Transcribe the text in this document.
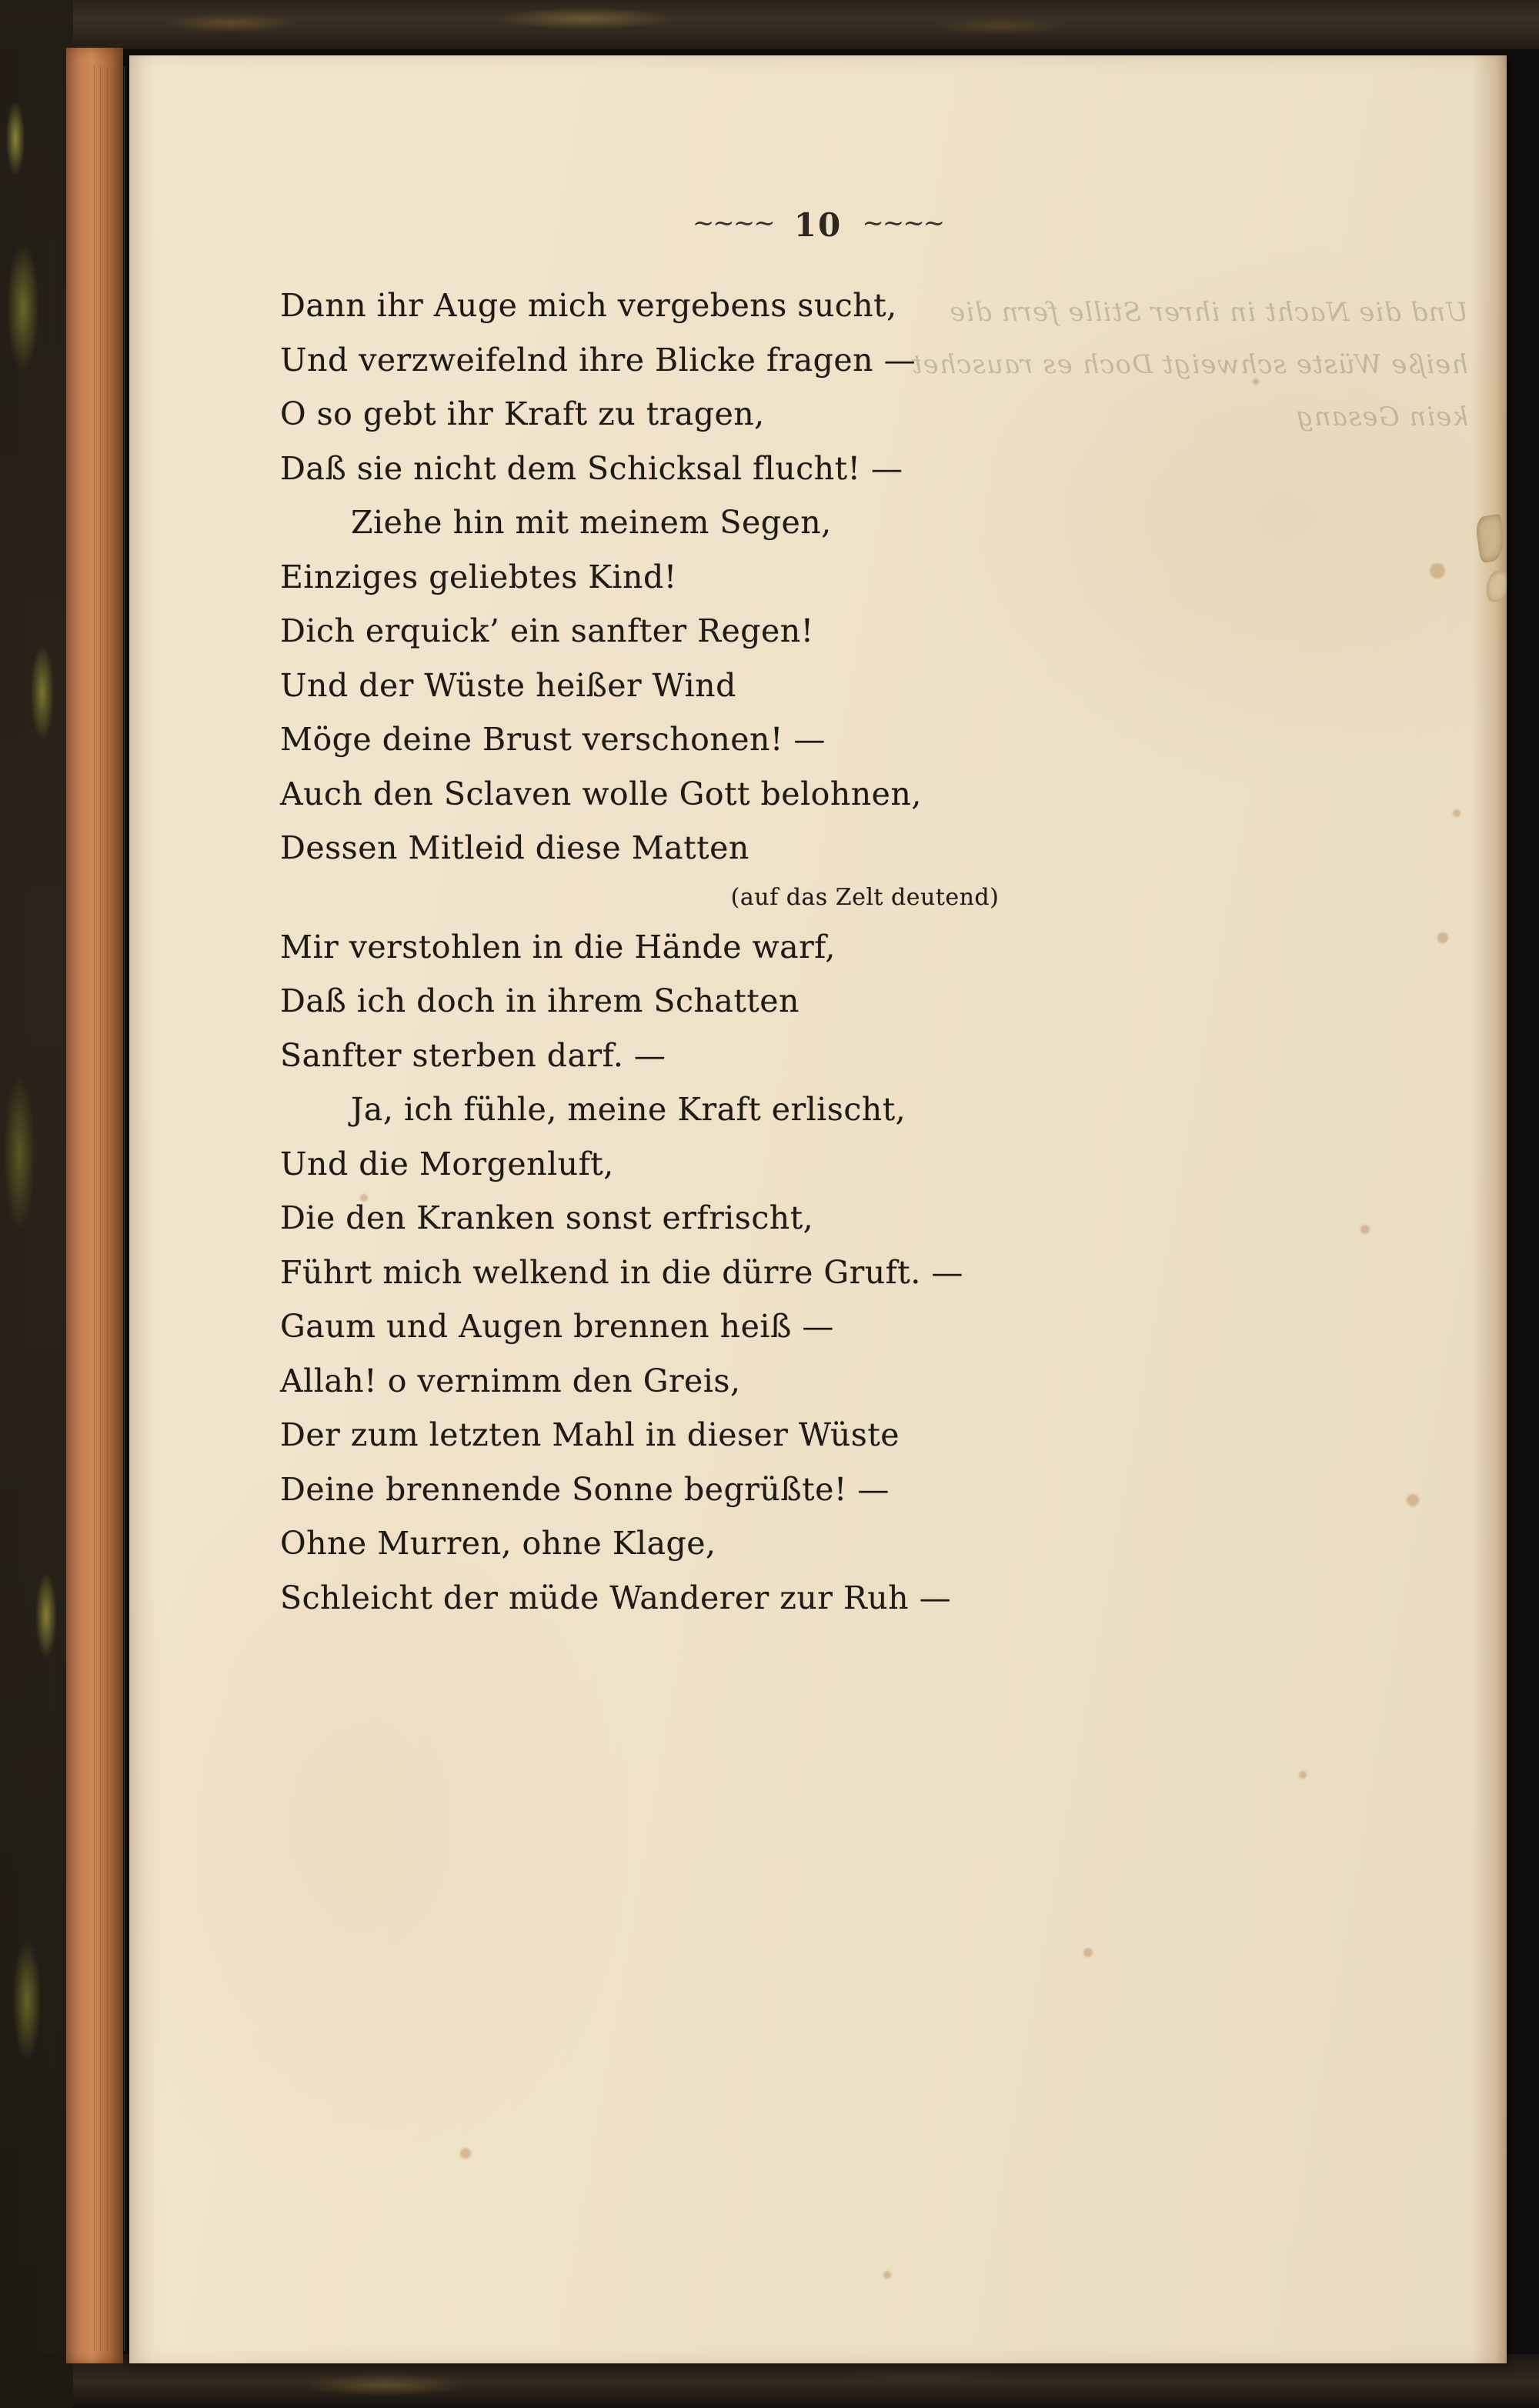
Und die Nacht in ihrer Stille fern die heiße Wüste schweigt Doch es rauschet kein Gesang
~~~~ 10 ~~~~
Dann ihr Auge mich vergebens sucht,
Und verzweifelnd ihre Blicke fragen —
O so gebt ihr Kraft zu tragen,
Daß sie nicht dem Schicksal flucht! —
Ziehe hin mit meinem Segen,
Einziges geliebtes Kind!
Dich erquick’ ein sanfter Regen!
Und der Wüste heißer Wind
Möge deine Brust verschonen! —
Auch den Sclaven wolle Gott belohnen,
Dessen Mitleid diese Matten
(auf das Zelt deutend)
Mir verstohlen in die Hände warf,
Daß ich doch in ihrem Schatten
Sanfter sterben darf. —
Ja, ich fühle, meine Kraft erlischt,
Und die Morgenluft,
Die den Kranken sonst erfrischt,
Führt mich welkend in die dürre Gruft. —
Gaum und Augen brennen heiß —
Allah! o vernimm den Greis,
Der zum letzten Mahl in dieser Wüste
Deine brennende Sonne begrüßte! —
Ohne Murren, ohne Klage,
Schleicht der müde Wanderer zur Ruh —
